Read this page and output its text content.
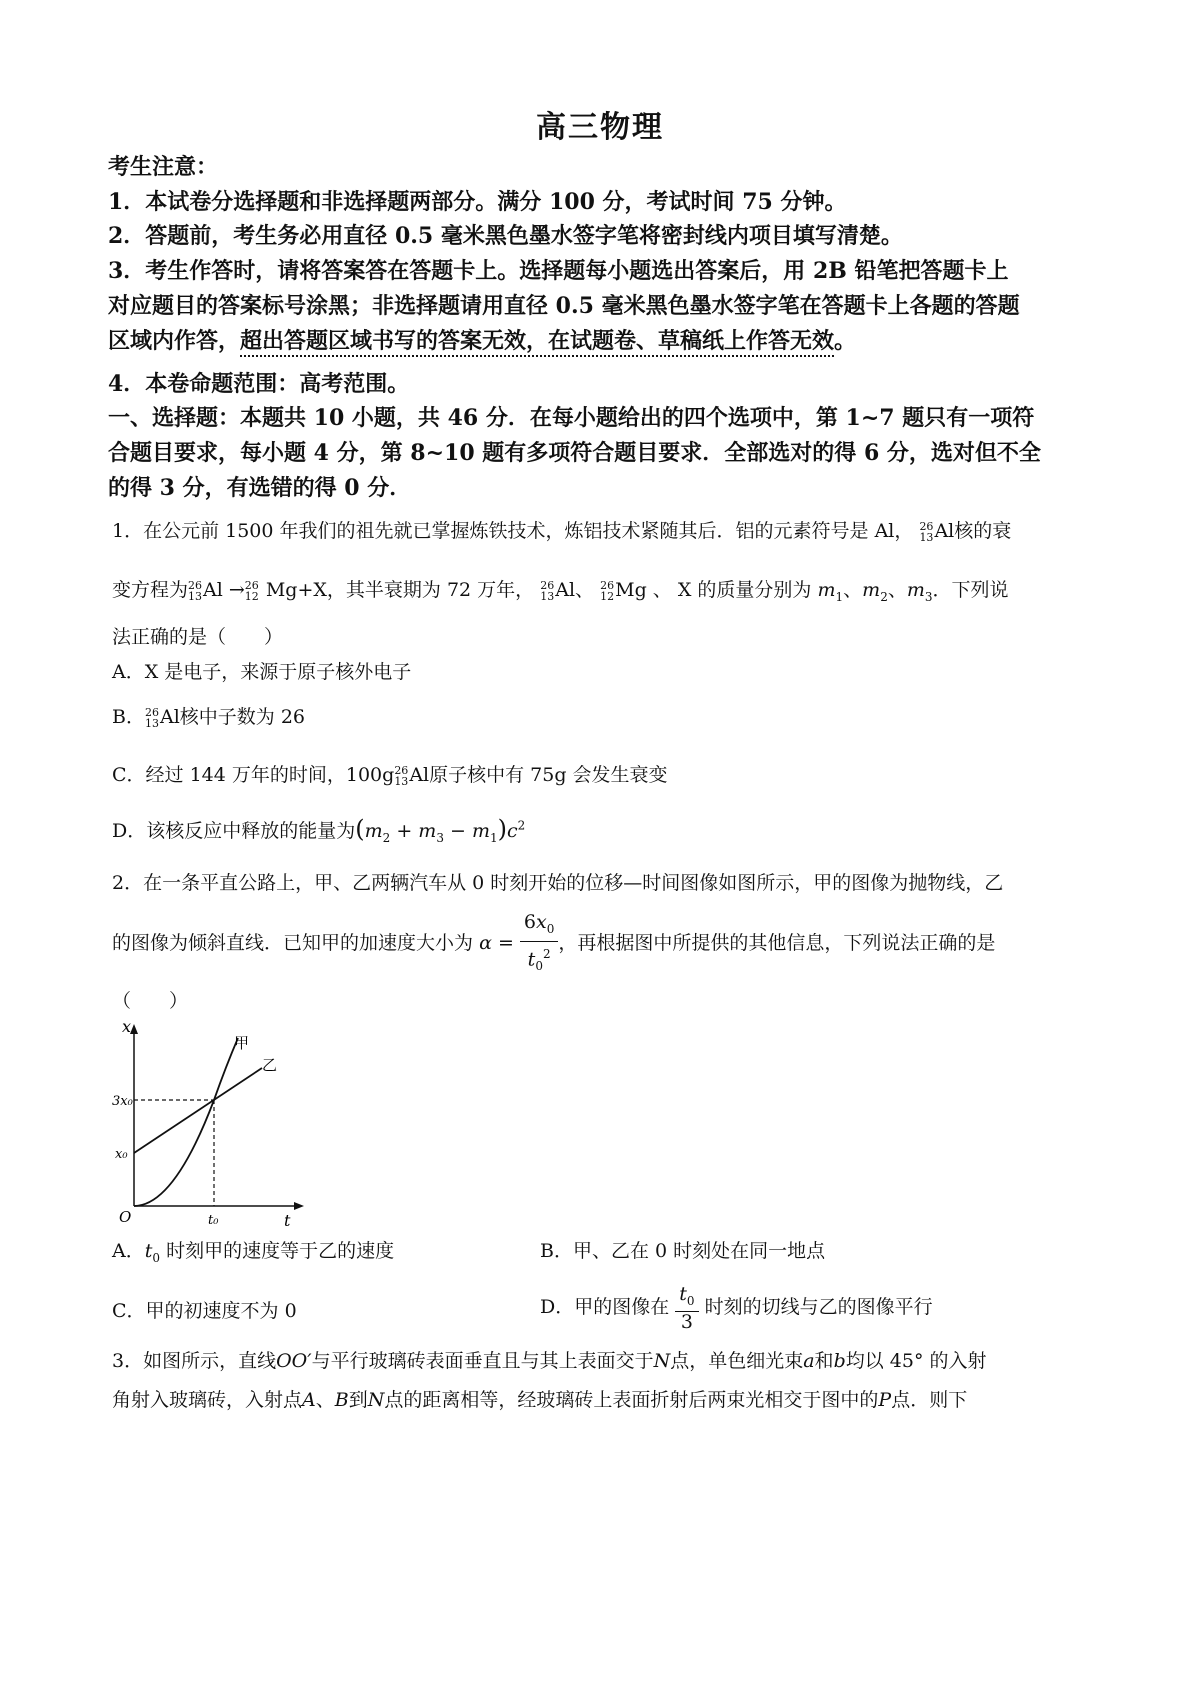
高三物理
考生注意：
1．本试卷分选择题和非选择题两部分。满分 100 分，考试时间 75 分钟。
2．答题前，考生务必用直径 0.5 毫米黑色墨水签字笔将密封线内项目填写清楚。
3．考生作答时，请将答案答在答题卡上。选择题每小题选出答案后，用 2B 铅笔把答题卡上
对应题目的答案标号涂黑；非选择题请用直径 0.5 毫米黑色墨水签字笔在答题卡上各题的答题
区域内作答，超出答题区域书写的答案无效，在试题卷、草稿纸上作答无效。
4．本卷命题范围：高考范围。
一、选择题：本题共 10 小题，共 46 分．在每小题给出的四个选项中，第 1~7 题只有一项符
合题目要求，每小题 4 分，第 8~10 题有多项符合题目要求．全部选对的得 6 分，选对但不全
的得 3 分，有选错的得 0 分．
1．在公元前 1500 年我们的祖先就已掌握炼铁技术，炼铝技术紧随其后．铝的元素符号是 Al， 26
13Al核的衰
变方程为26
13Al →26
12 Mg+X，其半衰期为 72 万年， 26
13Al、 26
12Mg 、 X 的质量分别为 $m_1$、$m_2$、$m_3$．下列说
法正确的是（　　）
A．X 是电子，来源于原子核外电子
B．26
13Al核中子数为 26
C．经过 144 万年的时间，100g26
13Al原子核中有 75g 会发生衰变
D．该核反应中释放的能量为$(m_2 + m_3 - m_1)c^2$
2．在一条平直公路上，甲、乙两辆汽车从 0 时刻开始的位移—时间图像如图所示，甲的图像为抛物线，乙
的图像为倾斜直线．已知甲的加速度大小为 $\alpha = \frac{6x_0}{t_0^2}$ ，再根据图中所提供的其他信息，下列说法正确的是
（　　）
x
t
O
甲
乙
3x₀
x₀
t₀
A．$t_0$ 时刻甲的速度等于乙的速度	B．甲、乙在 0 时刻处在同一地点
C．甲的初速度不为 0	D．甲的图像在 $\frac{t_0}{3}$ 时刻的切线与乙的图像平行
3．如图所示，直线OO′与平行玻璃砖表面垂直且与其上表面交于N点，单色细光束a和b均以 45° 的入射
角射入玻璃砖，入射点A、B到N点的距离相等，经玻璃砖上表面折射后两束光相交于图中的P点．则下
